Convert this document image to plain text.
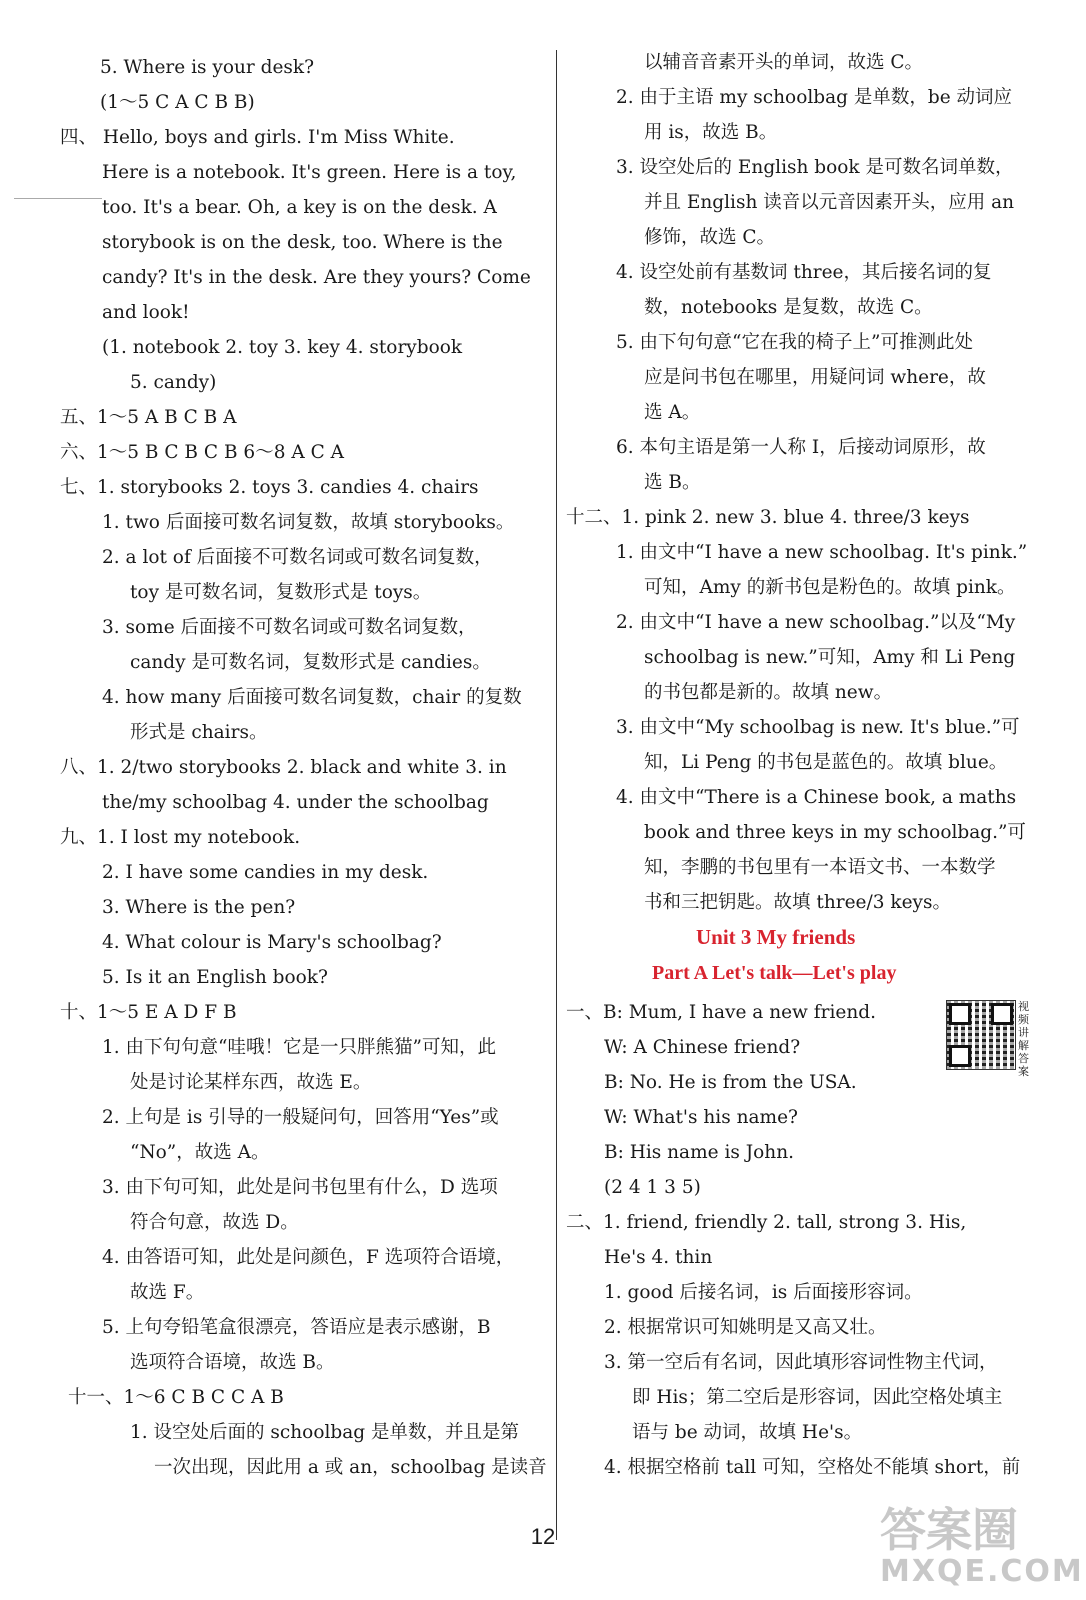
5. Where is your desk?
(1～5 C A C B B)
四、 Hello, boys and girls. I'm Miss White.
Here is a notebook. It's green. Here is a toy,
too. It's a bear. Oh, a key is on the desk. A
storybook is on the desk, too. Where is the
candy? It's in the desk. Are they yours? Come
and look!
(1. notebook 2. toy 3. key 4. storybook
5. candy)
五、1～5 A B C B A
六、1～5 B C B C B 6～8 A C A
七、1. storybooks 2. toys 3. candies 4. chairs
1. two 后面接可数名词复数，故填 storybooks。
2. a lot of 后面接不可数名词或可数名词复数，
toy 是可数名词，复数形式是 toys。
3. some 后面接不可数名词或可数名词复数，
candy 是可数名词，复数形式是 candies。
4. how many 后面接可数名词复数，chair 的复数
形式是 chairs。
八、1. 2/two storybooks 2. black and white 3. in
the/my schoolbag 4. under the schoolbag
九、1. I lost my notebook.
2. I have some candies in my desk.
3. Where is the pen?
4. What colour is Mary's schoolbag?
5. Is it an English book?
十、1～5 E A D F B
1. 由下句句意“哇哦！它是一只胖熊猫”可知，此
处是讨论某样东西，故选 E。
2. 上句是 is 引导的一般疑问句，回答用“Yes”或
“No”，故选 A。
3. 由下句可知，此处是问书包里有什么，D 选项
符合句意，故选 D。
4. 由答语可知，此处是问颜色，F 选项符合语境，
故选 F。
5. 上句夸铅笔盒很漂亮，答语应是表示感谢，B
选项符合语境，故选 B。
十一、1～6 C B C C A B
1. 设空处后面的 schoolbag 是单数，并且是第
一次出现，因此用 a 或 an，schoolbag 是读音
以辅音音素开头的单词，故选 C。
2. 由于主语 my schoolbag 是单数，be 动词应
用 is，故选 B。
3. 设空处后的 English book 是可数名词单数，
并且 English 读音以元音因素开头，应用 an
修饰，故选 C。
4. 设空处前有基数词 three，其后接名词的复
数，notebooks 是复数，故选 C。
5. 由下句句意“它在我的椅子上”可推测此处
应是问书包在哪里，用疑问词 where，故
选 A。
6. 本句主语是第一人称 I，后接动词原形，故
选 B。
十二、1. pink 2. new 3. blue 4. three/3 keys
1. 由文中“I have a new schoolbag. It's pink.”
可知，Amy 的新书包是粉色的。故填 pink。
2. 由文中“I have a new schoolbag.”以及“My
schoolbag is new.”可知，Amy 和 Li Peng
的书包都是新的。故填 new。
3. 由文中“My schoolbag is new. It's blue.”可
知，Li Peng 的书包是蓝色的。故填 blue。
4. 由文中“There is a Chinese book, a maths
book and three keys in my schoolbag.”可
知，李鹏的书包里有一本语文书、一本数学
书和三把钥匙。故填 three/3 keys。
Unit 3 My friends
Part A Let's talk—Let's play
一、B: Mum, I have a new friend.
W: A Chinese friend?
B: No. He is from the USA.
W: What's his name?
B: His name is John.
(2 4 1 3 5)
二、1. friend, friendly 2. tall, strong 3. His,
He's 4. thin
1. good 后接名词，is 后面接形容词。
2. 根据常识可知姚明是又高又壮。
3. 第一空后有名词，因此填形容词性物主代词，
即 His；第二空后是形容词，因此空格处填主
语与 be 动词，故填 He's。
4. 根据空格前 tall 可知，空格处不能填 short，前
视频讲解答案
12	答案圈
MXQE.COM
